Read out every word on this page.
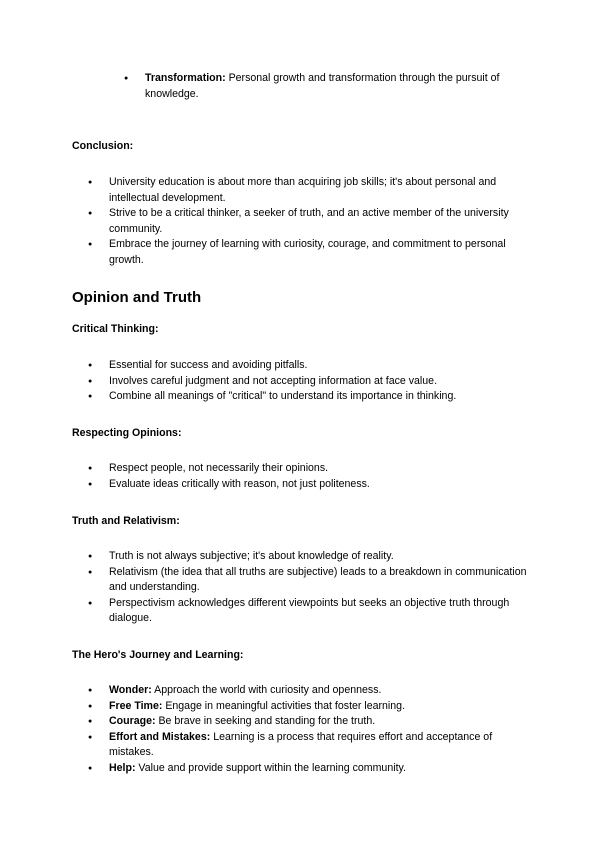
● Transformation: Personal growth and transformation through the pursuit of knowledge.
Conclusion:
● University education is about more than acquiring job skills; it's about personal and intellectual development.
● Strive to be a critical thinker, a seeker of truth, and an active member of the university community.
● Embrace the journey of learning with curiosity, courage, and commitment to personal growth.
Opinion and Truth
Critical Thinking:
● Essential for success and avoiding pitfalls.
● Involves careful judgment and not accepting information at face value.
● Combine all meanings of "critical" to understand its importance in thinking.
Respecting Opinions:
● Respect people, not necessarily their opinions.
● Evaluate ideas critically with reason, not just politeness.
Truth and Relativism:
● Truth is not always subjective; it's about knowledge of reality.
● Relativism (the idea that all truths are subjective) leads to a breakdown in communication and understanding.
● Perspectivism acknowledges different viewpoints but seeks an objective truth through dialogue.
The Hero's Journey and Learning:
● Wonder: Approach the world with curiosity and openness.
● Free Time: Engage in meaningful activities that foster learning.
● Courage: Be brave in seeking and standing for the truth.
● Effort and Mistakes: Learning is a process that requires effort and acceptance of mistakes.
● Help: Value and provide support within the learning community.
